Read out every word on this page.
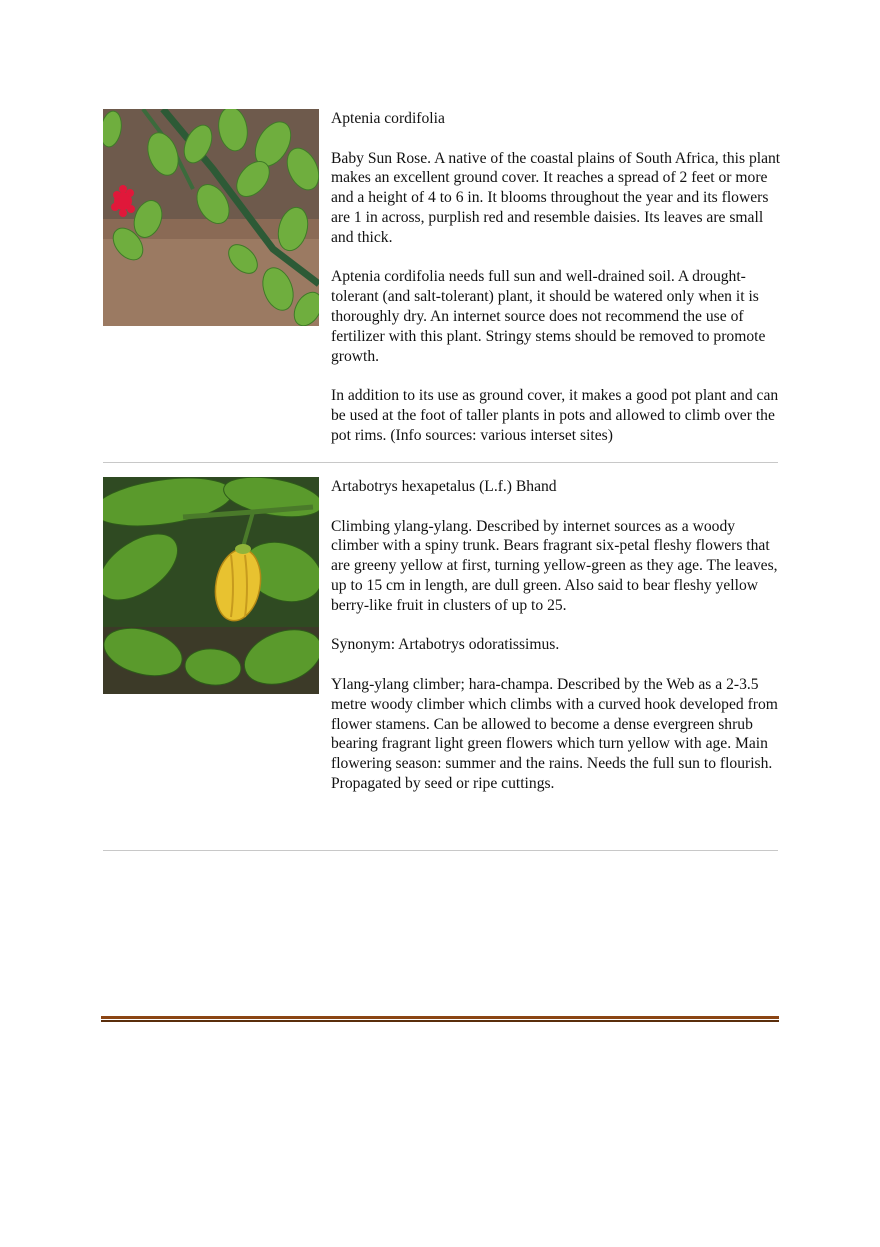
Aptenia cordifolia

Baby Sun Rose. A native of the coastal plains of South Africa, this plant makes an excellent ground cover. It reaches a spread of 2 feet or more and a height of 4 to 6 in. It blooms throughout the year and its flowers are 1 in across, purplish red and resemble daisies. Its leaves are small and thick.

Aptenia cordifolia needs full sun and well-drained soil. A drought-tolerant (and salt-tolerant) plant, it should be watered only when it is thoroughly dry. An internet source does not recommend the use of fertilizer with this plant. Stringy stems should be removed to promote growth.

In addition to its use as ground cover, it makes a good pot plant and can be used at the foot of taller plants in pots and allowed to climb over the pot rims. (Info sources: various interset sites)

Artabotrys hexapetalus (L.f.) Bhand

Climbing ylang-ylang. Described by internet sources as a woody climber with a spiny trunk. Bears fragrant six-petal fleshy flowers that are greeny yellow at first, turning yellow-green as they age. The leaves, up to 15 cm in length, are dull green. Also said to bear fleshy yellow berry-like fruit in clusters of up to 25.

Synonym: Artabotrys odoratissimus.

Ylang-ylang climber; hara-champa. Described by the Web as a 2-3.5 metre woody climber which climbs with a curved hook developed from flower stamens. Can be allowed to become a dense evergreen shrub bearing fragrant light green flowers which turn yellow with age. Main flowering season: summer and the rains. Needs the full sun to flourish. Propagated by seed or ripe cuttings.
